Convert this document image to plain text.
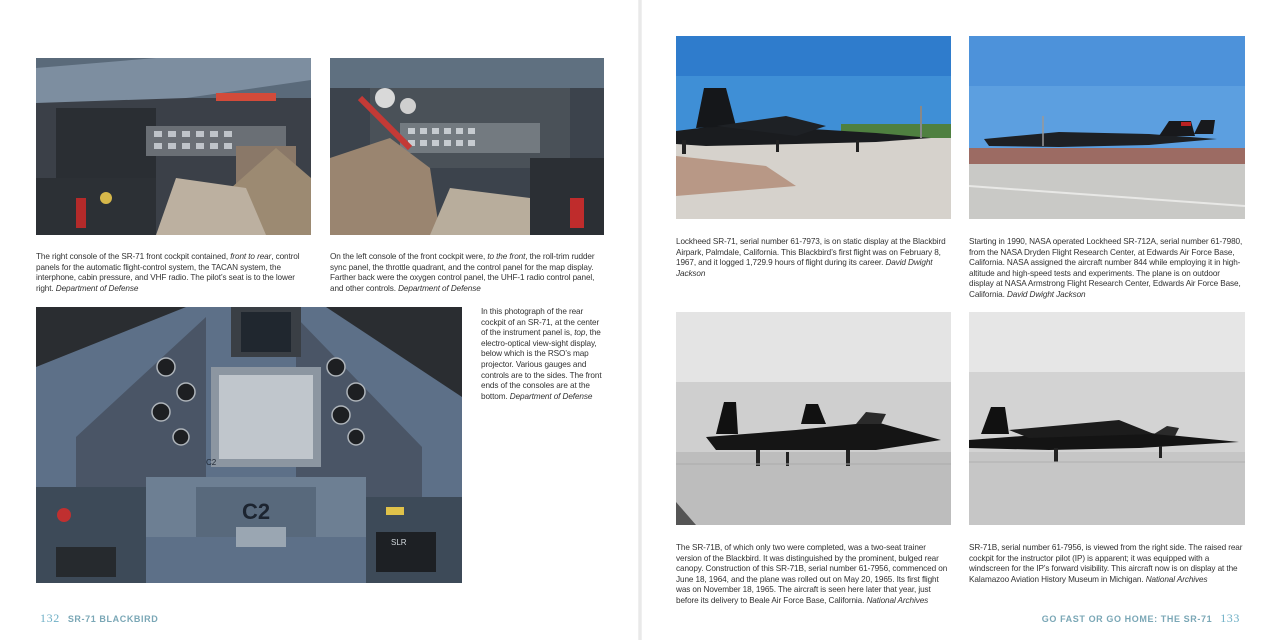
C2
SLR
C2

The right console of the SR-71 front cockpit contained, front to rear, control panels for the automatic flight-control system, the TACAN system, the interphone, cabin pressure, and VHF radio. The pilot’s seat is to the lower right. Department of Defense

On the left console of the front cockpit were, to the front, the roll-trim rudder sync panel, the throttle quadrant, and the control panel for the map display. Farther back were the oxygen control panel, the UHF-1 radio control panel, and other controls. Department of Defense

In this photograph of the rear cockpit of an SR-71, at the center of the instrument panel is, top, the electro-optical view-sight display, below which is the RSO’s map projector. Various gauges and controls are to the sides. The front ends of the consoles are at the bottom. Department of Defense

Lockheed SR-71, serial number 61-7973, is on static display at the Blackbird Airpark, Palmdale, California. This Blackbird’s first flight was on February 8, 1967, and it logged 1,729.9 hours of flight during its career. David Dwight Jackson

Starting in 1990, NASA operated Lockheed SR-712A, serial number 61-7980, from the NASA Dryden Flight Research Center, at Edwards Air Force Base, California. NASA assigned the aircraft number 844 while employing it in high-altitude and high-speed tests and experiments. The plane is on outdoor display at NASA Armstrong Flight Research Center, Edwards Air Force Base, California. David Dwight Jackson

The SR-71B, of which only two were completed, was a two-seat trainer version of the Blackbird. It was distinguished by the prominent, bulged rear canopy. Construction of this SR-71B, serial number 61-7956, commenced on June 18, 1964, and the plane was rolled out on May 20, 1965. Its first flight was on November 18, 1965. The aircraft is seen here later that year, just before its delivery to Beale Air Force Base, California. National Archives

SR-71B, serial number 61-7956, is viewed from the right side. The raised rear cockpit for the instructor pilot (IP) is apparent; it was equipped with a windscreen for the IP’s forward visibility. This aircraft now is on display at the Kalamazoo Aviation History Museum in Michigan. National Archives

132 SR-71 BLACKBIRD	GO FAST OR GO HOME: THE SR-71 133
